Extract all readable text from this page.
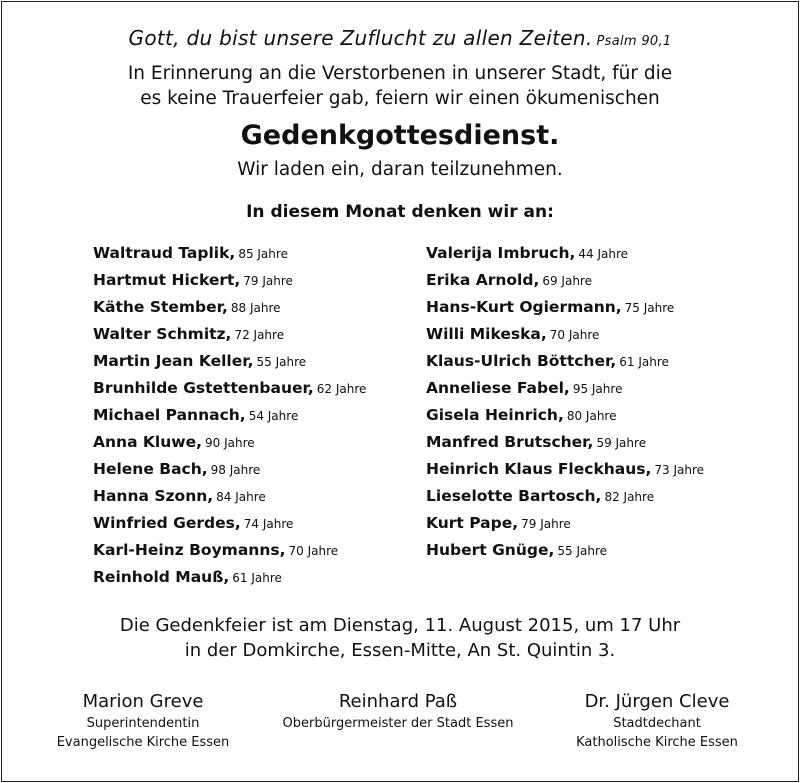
Gott, du bist unsere Zuflucht zu allen Zeiten. Psalm 90,1
In Erinnerung an die Verstorbenen in unserer Stadt, für die
es keine Trauerfeier gab, feiern wir einen ökumenischen
Gedenkgottesdienst.
Wir laden ein, daran teilzunehmen.
In diesem Monat denken wir an:
Waltraud Taplik, 85 Jahre
Hartmut Hickert, 79 Jahre
Käthe Stember, 88 Jahre
Walter Schmitz, 72 Jahre
Martin Jean Keller, 55 Jahre
Brunhilde Gstettenbauer, 62 Jahre
Michael Pannach, 54 Jahre
Anna Kluwe, 90 Jahre
Helene Bach, 98 Jahre
Hanna Szonn, 84 Jahre
Winfried Gerdes, 74 Jahre
Karl-Heinz Boymanns, 70 Jahre
Reinhold Mauß, 61 Jahre
Valerija Imbruch, 44 Jahre
Erika Arnold, 69 Jahre
Hans-Kurt Ogiermann, 75 Jahre
Willi Mikeska, 70 Jahre
Klaus-Ulrich Böttcher, 61 Jahre
Anneliese Fabel, 95 Jahre
Gisela Heinrich, 80 Jahre
Manfred Brutscher, 59 Jahre
Heinrich Klaus Fleckhaus, 73 Jahre
Lieselotte Bartosch, 82 Jahre
Kurt Pape, 79 Jahre
Hubert Gnüge, 55 Jahre
Die Gedenkfeier ist am Dienstag, 11. August 2015, um 17 Uhr
in der Domkirche, Essen-Mitte, An St. Quintin 3.
Marion Greve
Superintendentin
Evangelische Kirche Essen
Reinhard Paß
Oberbürgermeister der Stadt Essen
Dr. Jürgen Cleve
Stadtdechant
Katholische Kirche Essen
